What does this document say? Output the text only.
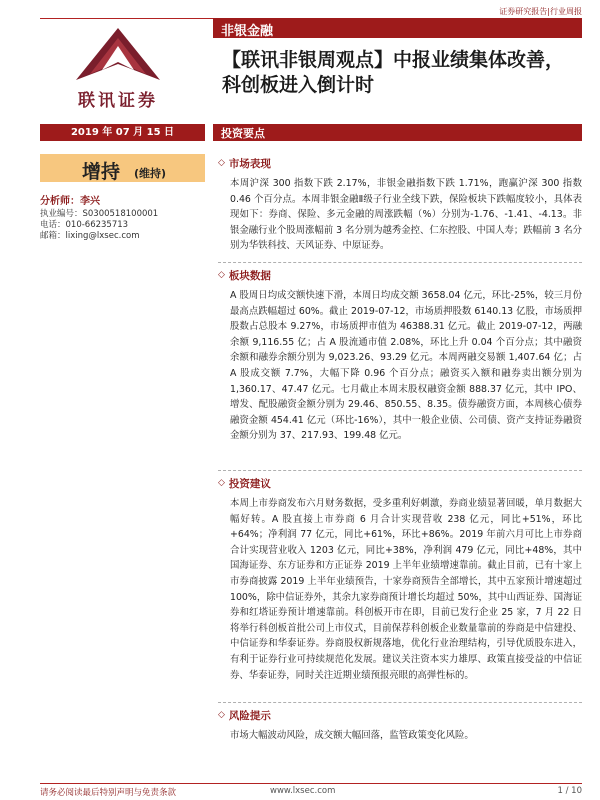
证券研究报告|行业周报
联讯证券
非银金融
【联讯非银周观点】中报业绩集体改善，科创板进入倒计时
2019 年 07 月 15 日	投资要点
增持 (维持)
分析师：李兴
执业编号：S0300518100001
电话：010-66235713
邮箱：lixing@lxsec.com
◇ 市场表现
本周沪深 300 指数下跌 2.17%，非银金融指数下跌 1.71%，跑赢沪深 300 指数 0.46 个百分点。本周非银金融Ⅱ级子行业全线下跌，保险板块下跌幅度较小，具体表现如下：券商、保险、多元金融的周涨跌幅（%）分别为-1.76、-1.41、-4.13。非银金融行业个股周涨幅前 3 名分别为越秀金控、仁东控股、中国人寿；跌幅前 3 名分别为华铁科技、天风证券、中原证券。
◇ 板块数据
A 股周日均成交额快速下滑，本周日均成交额 3658.04 亿元，环比-25%，较三月份最高点跌幅超过 60%。截止 2019-07-12，市场质押股数 6140.13 亿股，市场质押股数占总股本 9.27%，市场质押市值为 46388.31 亿元。截止 2019-07-12，两融余额 9,116.55 亿；占 A 股流通市值 2.08%，环比上升 0.04 个百分点；其中融资余额和融券余额分别为 9,023.26、93.29 亿元。本周两融交易额 1,407.64 亿；占 A 股成交额 7.7%，大幅下降 0.96 个百分点；融资买入额和融券卖出额分别为 1,360.17、47.47 亿元。七月截止本周末股权融资金额 888.37 亿元，其中 IPO、增发、配股融资金额分别为 29.46、850.55、8.35。债券融资方面，本周核心债券融资金额 454.41 亿元（环比-16%），其中一般企业债、公司债、资产支持证券融资金额分别为 37、217.93、199.48 亿元。
◇ 投资建议
本周上市券商发布六月财务数据，受多重利好刺激，券商业绩显著回暖，单月数据大幅好转。A 股直接上市券商 6 月合计实现营收 238 亿元，同比+51%，环比+64%；净利润 77 亿元，同比+61%，环比+86%。2019 年前六月可比上市券商合计实现营业收入 1203 亿元，同比+38%，净利润 479 亿元，同比+48%，其中国海证券、东方证券和方正证券 2019 上半年业绩增速靠前。截止目前，已有十家上市券商披露 2019 上半年业绩预告，十家券商预告全部增长，其中五家预计增速超过 100%，除中信证券外，其余九家券商预计增长均超过 50%，其中山西证券、国海证券和红塔证券预计增速靠前。科创板开市在即，目前已发行企业 25 家，7 月 22 日将举行科创板首批公司上市仪式，目前保荐科创板企业数量靠前的券商是中信建投、中信证券和华泰证券。券商股权新规落地，优化行业治理结构，引导优质股东进入，有利于证券行业可持续规范化发展。建议关注资本实力雄厚、政策直接受益的中信证券、华泰证券，同时关注近期业绩预报亮眼的高弹性标的。
◇ 风险提示
市场大幅波动风险，成交额大幅回落，监管政策变化风险。
请务必阅读最后特别声明与免责条款	www.lxsec.com	1 / 10
